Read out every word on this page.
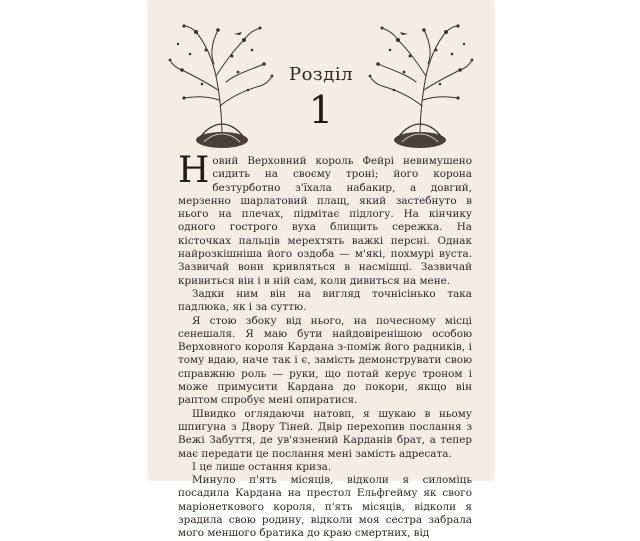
Розділ
1

Новий Верховний король Фейрі невимушено сидить на своєму троні; його корона безтурботно з'їхала набакир, а довгий, мерзенно шарлатовий плащ, який застебнуто в нього на плечах, підмітає підлогу. На кінчику одного гострого вуха блищить сережка. На кісточках пальців мерехтять важкі персні. Однак найрозкішніша його оздоба — м'які, похмурі вуста. Зазвичай вони кривляться в насмішці. Зазвичай кривиться він і в ній сам, коли дивиться на мене.

Задки ним він на вигляд точнісінько така падлюка, як і за суттю.

Я стою збоку від нього, на почесному місці сенешаля. Я маю бути найдовіренішою особою Верховного короля Кардана з-поміж його радників, і тому вдаю, наче так і є, замість демонструвати свою справжню роль — руки, що потай керує троном і може примусити Кардана до покори, якщо він раптом спробує мені опиратися.

Швидко оглядаючи натовп, я шукаю в ньому шпигуна з Двору Тіней. Двір перехопив послання з Вежі Забуття, де ув'язнений Карданів брат, а тепер має передати це послання мені замість адресата.

І це лише остання криза.

Минуло п'ять місяців, відколи я силоміць посадила Кардана на престол Ельфгейму як свого маріонеткового короля, п'ять місяців, відколи я зрадила свою родину, відколи моя сестра забрала мого меншого братика до краю смертних, від
